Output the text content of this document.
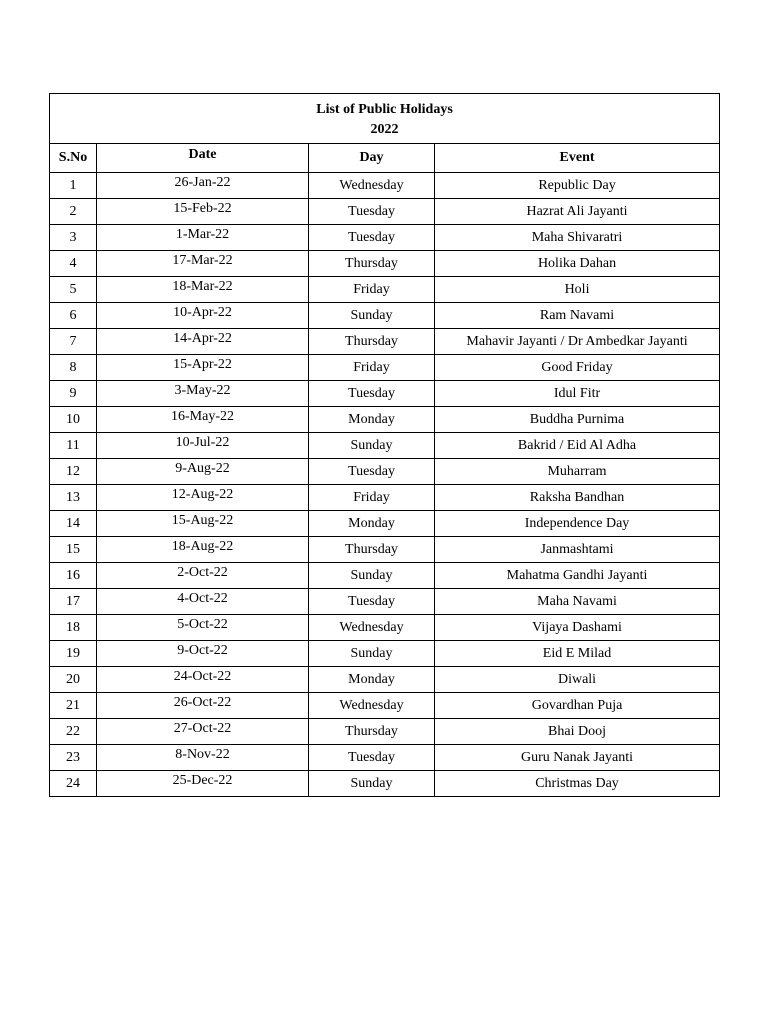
List of Public Holidays
2022			

S.No	Date	Day	Event
1	26-Jan-22	Wednesday	Republic Day
2	15-Feb-22	Tuesday	Hazrat Ali Jayanti
3	1-Mar-22	Tuesday	Maha Shivaratri
4	17-Mar-22	Thursday	Holika Dahan
5	18-Mar-22	Friday	Holi
6	10-Apr-22	Sunday	Ram Navami
7	14-Apr-22	Thursday	Mahavir Jayanti / Dr Ambedkar Jayanti
8	15-Apr-22	Friday	Good Friday
9	3-May-22	Tuesday	Idul Fitr
10	16-May-22	Monday	Buddha Purnima
11	10-Jul-22	Sunday	Bakrid / Eid Al Adha
12	9-Aug-22	Tuesday	Muharram
13	12-Aug-22	Friday	Raksha Bandhan
14	15-Aug-22	Monday	Independence Day
15	18-Aug-22	Thursday	Janmashtami
16	2-Oct-22	Sunday	Mahatma Gandhi Jayanti
17	4-Oct-22	Tuesday	Maha Navami
18	5-Oct-22	Wednesday	Vijaya Dashami
19	9-Oct-22	Sunday	Eid E Milad
20	24-Oct-22	Monday	Diwali
21	26-Oct-22	Wednesday	Govardhan Puja
22	27-Oct-22	Thursday	Bhai Dooj
23	8-Nov-22	Tuesday	Guru Nanak Jayanti
24	25-Dec-22	Sunday	Christmas Day
